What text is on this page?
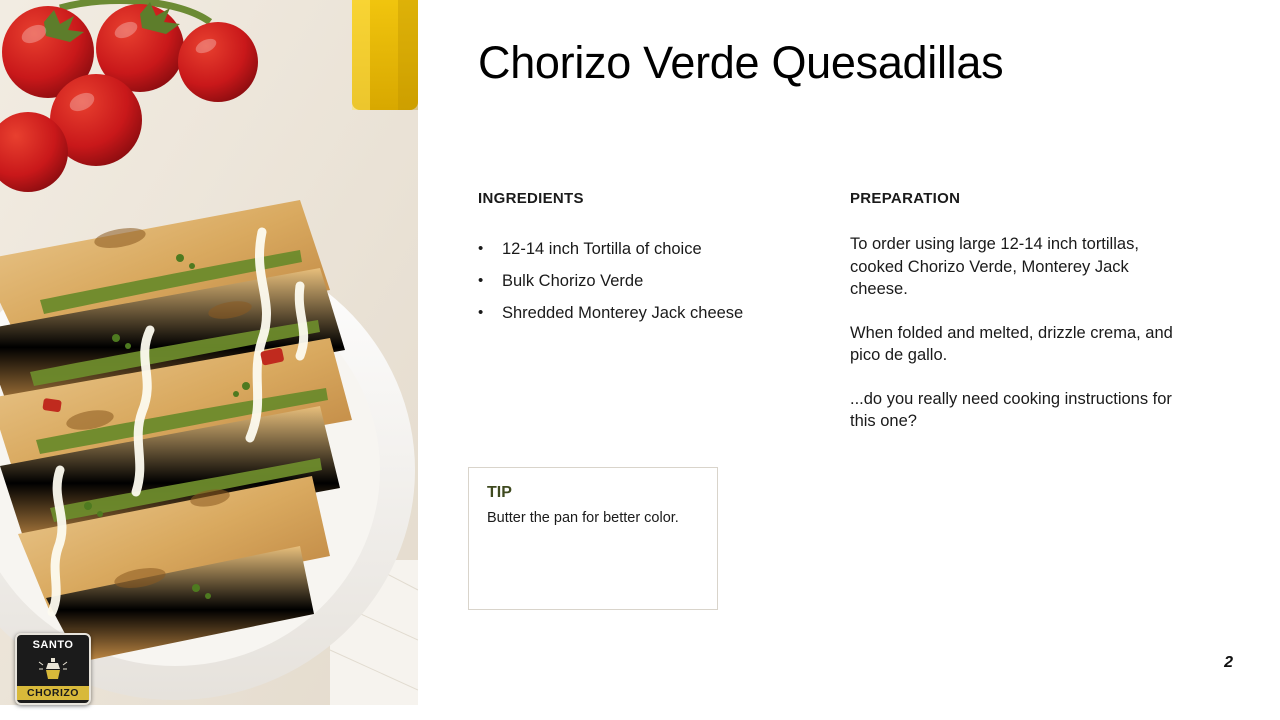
SANTO
CHORIZO
Chorizo Verde Quesadillas
INGREDIENTS
•	12-14 inch Tortilla of choice
•	Bulk Chorizo Verde
•	Shredded Monterey Jack cheese
PREPARATION

To order using large 12-14 inch tortillas, cooked Chorizo Verde, Monterey Jack cheese.

When folded and melted, drizzle crema, and pico de gallo.

...do you really need cooking instructions for this one?

TIP
Butter the pan for better color.
2
